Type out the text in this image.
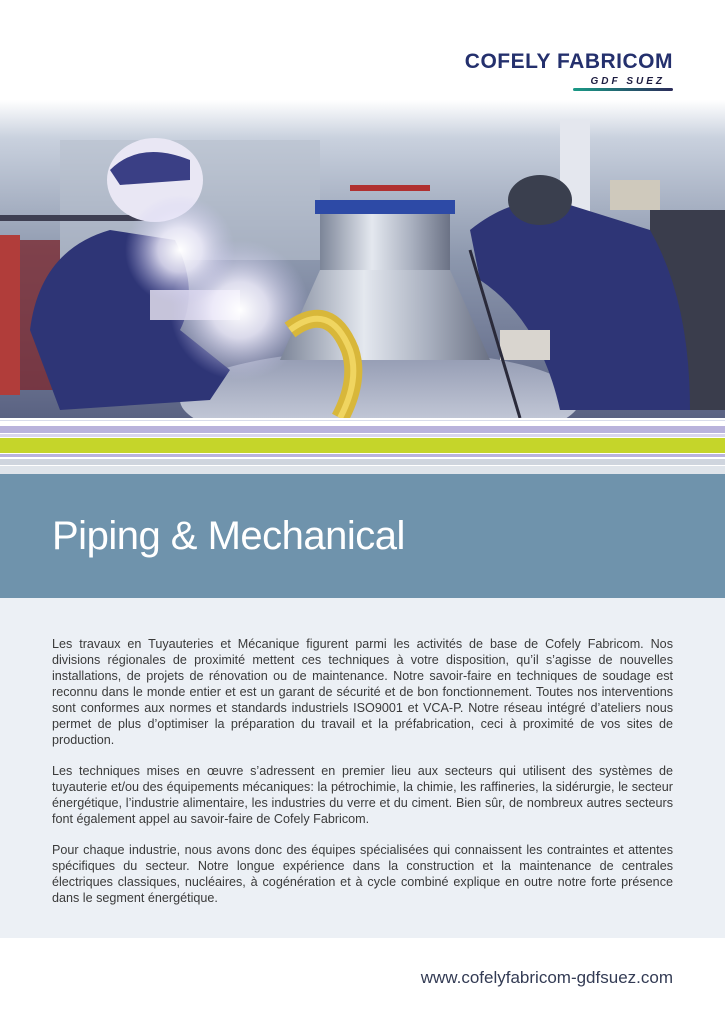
COFELY FABRICOM
GDF SUEZ
Piping & Mechanical

Les travaux en Tuyauteries et Mécanique figurent parmi les activités de base de Cofely Fabricom. Nos divisions régionales de proximité mettent ces techniques à votre disposition, qu’il s’agisse de nouvelles installations, de projets de rénovation ou de maintenance. Notre savoir-faire en techniques de soudage est reconnu dans le monde entier et est un garant de sécurité et de bon fonctionnement. Toutes nos interventions sont conformes aux normes et standards industriels ISO9001 et VCA-P. Notre réseau intégré d’ateliers nous permet de plus d’optimiser la préparation du travail et la préfabrication, ceci à proximité de vos sites de production.

Les techniques mises en œuvre s’adressent en premier lieu aux secteurs qui utilisent des systèmes de tuyauterie et/ou des équipements mécaniques: la pétrochimie, la chimie, les raffineries, la sidérurgie, le secteur énergétique, l’industrie alimentaire, les industries du verre et du ciment. Bien sûr, de nombreux autres secteurs font également appel au savoir-faire de Cofely Fabricom.

Pour chaque industrie, nous avons donc des équipes spécialisées qui connaissent les contraintes et attentes spécifiques du secteur. Notre longue expérience dans la construction et la maintenance de centrales électriques classiques, nucléaires, à cogénération et à cycle combiné explique en outre notre forte présence dans le segment énergétique.

www.cofelyfabricom-gdfsuez.com
